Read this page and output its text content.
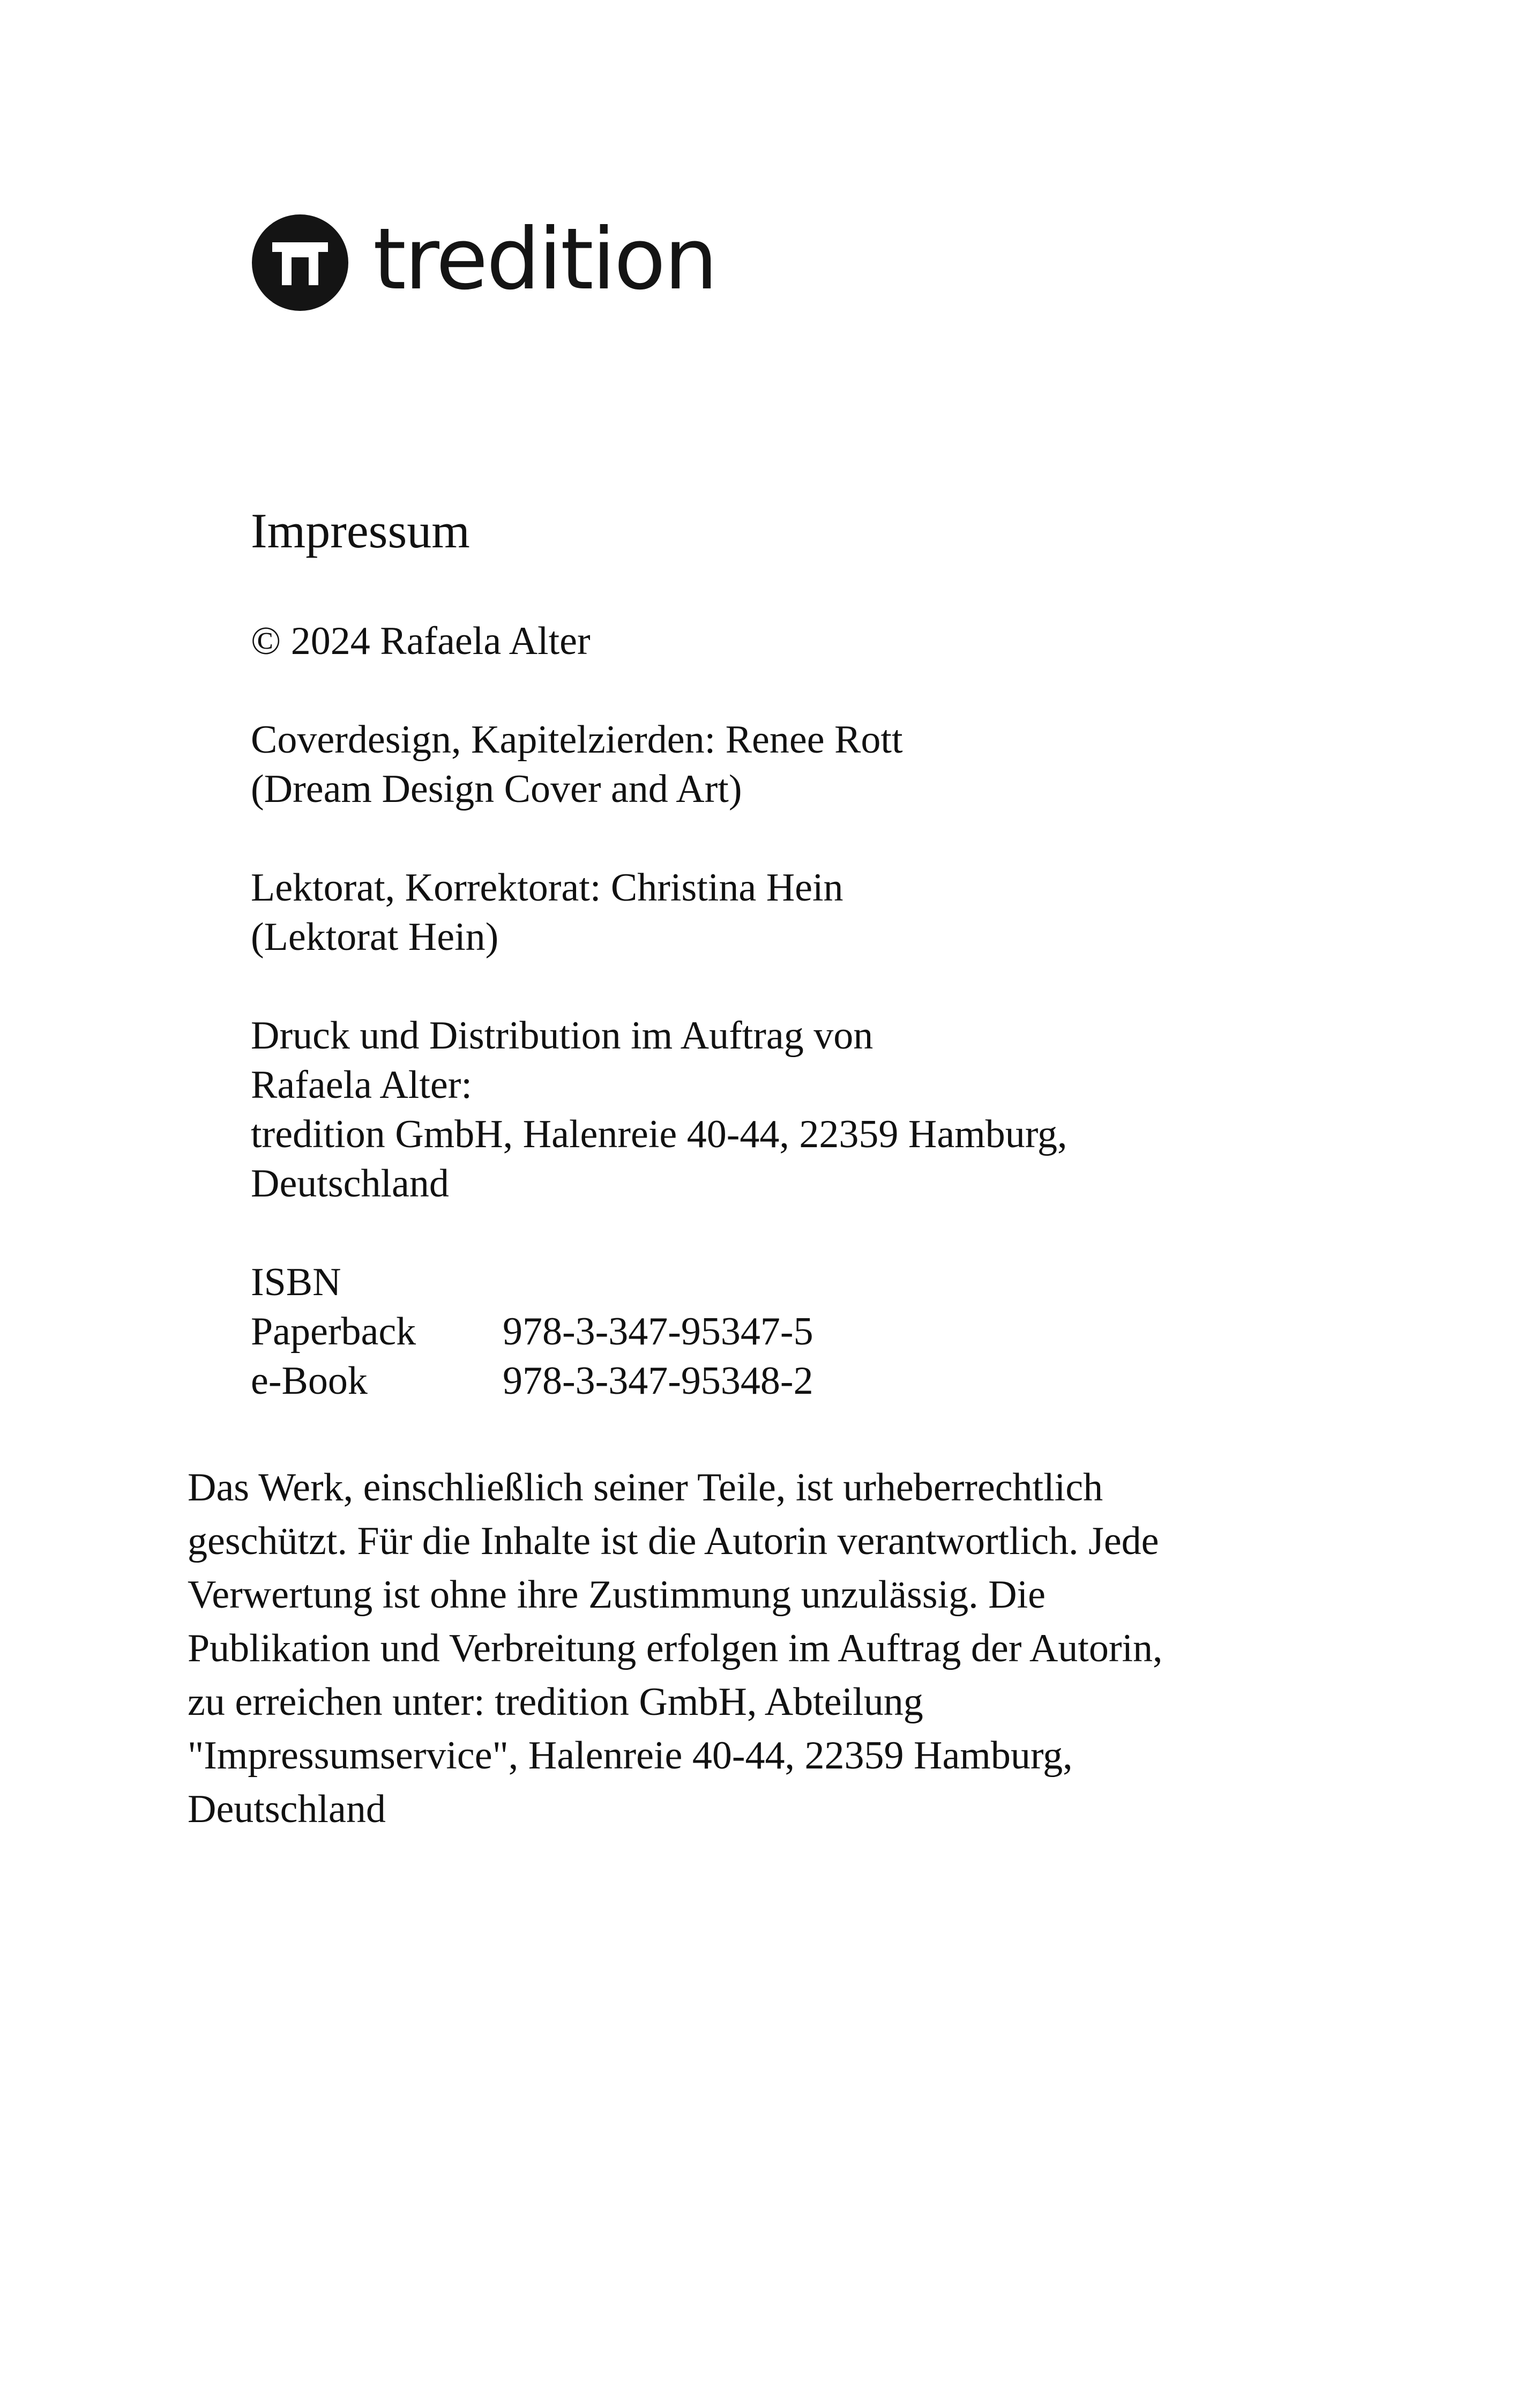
tredition
Impressum

© 2024 Rafaela Alter

Coverdesign, Kapitelzierden: Renee Rott
(Dream Design Cover and Art)

Lektorat, Korrektorat: Christina Hein
(Lektorat Hein)

Druck und Distribution im Auftrag von
Rafaela Alter:
tredition GmbH, Halenreie 40-44, 22359 Hamburg,
Deutschland

ISBN
Paperback	978-3-347-95347-5
e-Book	978-3-347-95348-2

Das Werk, einschließlich seiner Teile, ist urheberrechtlich
geschützt. Für die Inhalte ist die Autorin verantwortlich. Jede
Verwertung ist ohne ihre Zustimmung unzulässig. Die
Publikation und Verbreitung erfolgen im Auftrag der Autorin,
zu erreichen unter: tredition GmbH, Abteilung
"Impressumservice", Halenreie 40-44, 22359 Hamburg,
Deutschland
